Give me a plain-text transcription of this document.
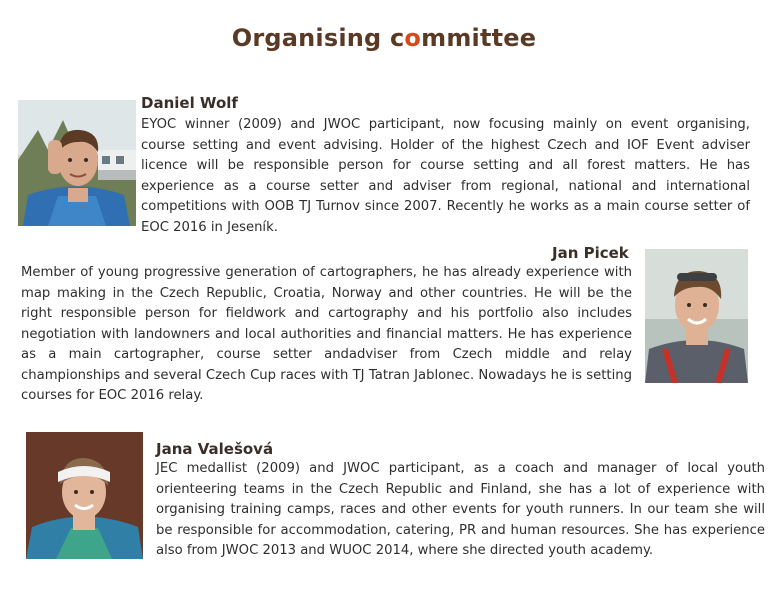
Organising committee
Daniel Wolf

EYOC winner (2009) and JWOC participant, now focusing mainly on event organising, course setting and event advising. Holder of the highest Czech and IOF Event adviser licence will be responsible person for course setting and all forest matters. He has experience as a course setter and adviser from regional, national and international competitions with OOB TJ Turnov since 2007. Recently he works as a main course setter of EOC 2016 in Jeseník.

Jan Picek

Member of young progressive generation of cartographers, he has already experience with map making in the Czech Republic, Croatia, Norway and other countries. He will be the right responsible person for fieldwork and cartography and his portfolio also includes negotiation with landowners and local authorities and financial matters. He has experience as a main cartographer, course setter andadviser from Czech middle and relay championships and several Czech Cup races with TJ Tatran Jablonec. Nowadays he is setting courses for EOC 2016 relay.

Jana Valešová

JEC medallist (2009) and JWOC participant, as a coach and manager of local youth orienteering teams in the Czech Republic and Finland, she has a lot of experience with organising training camps, races and other events for youth runners. In our team she will be responsible for accommodation, catering, PR and human resources. She has experience also from JWOC 2013 and WUOC 2014, where she directed youth academy.
